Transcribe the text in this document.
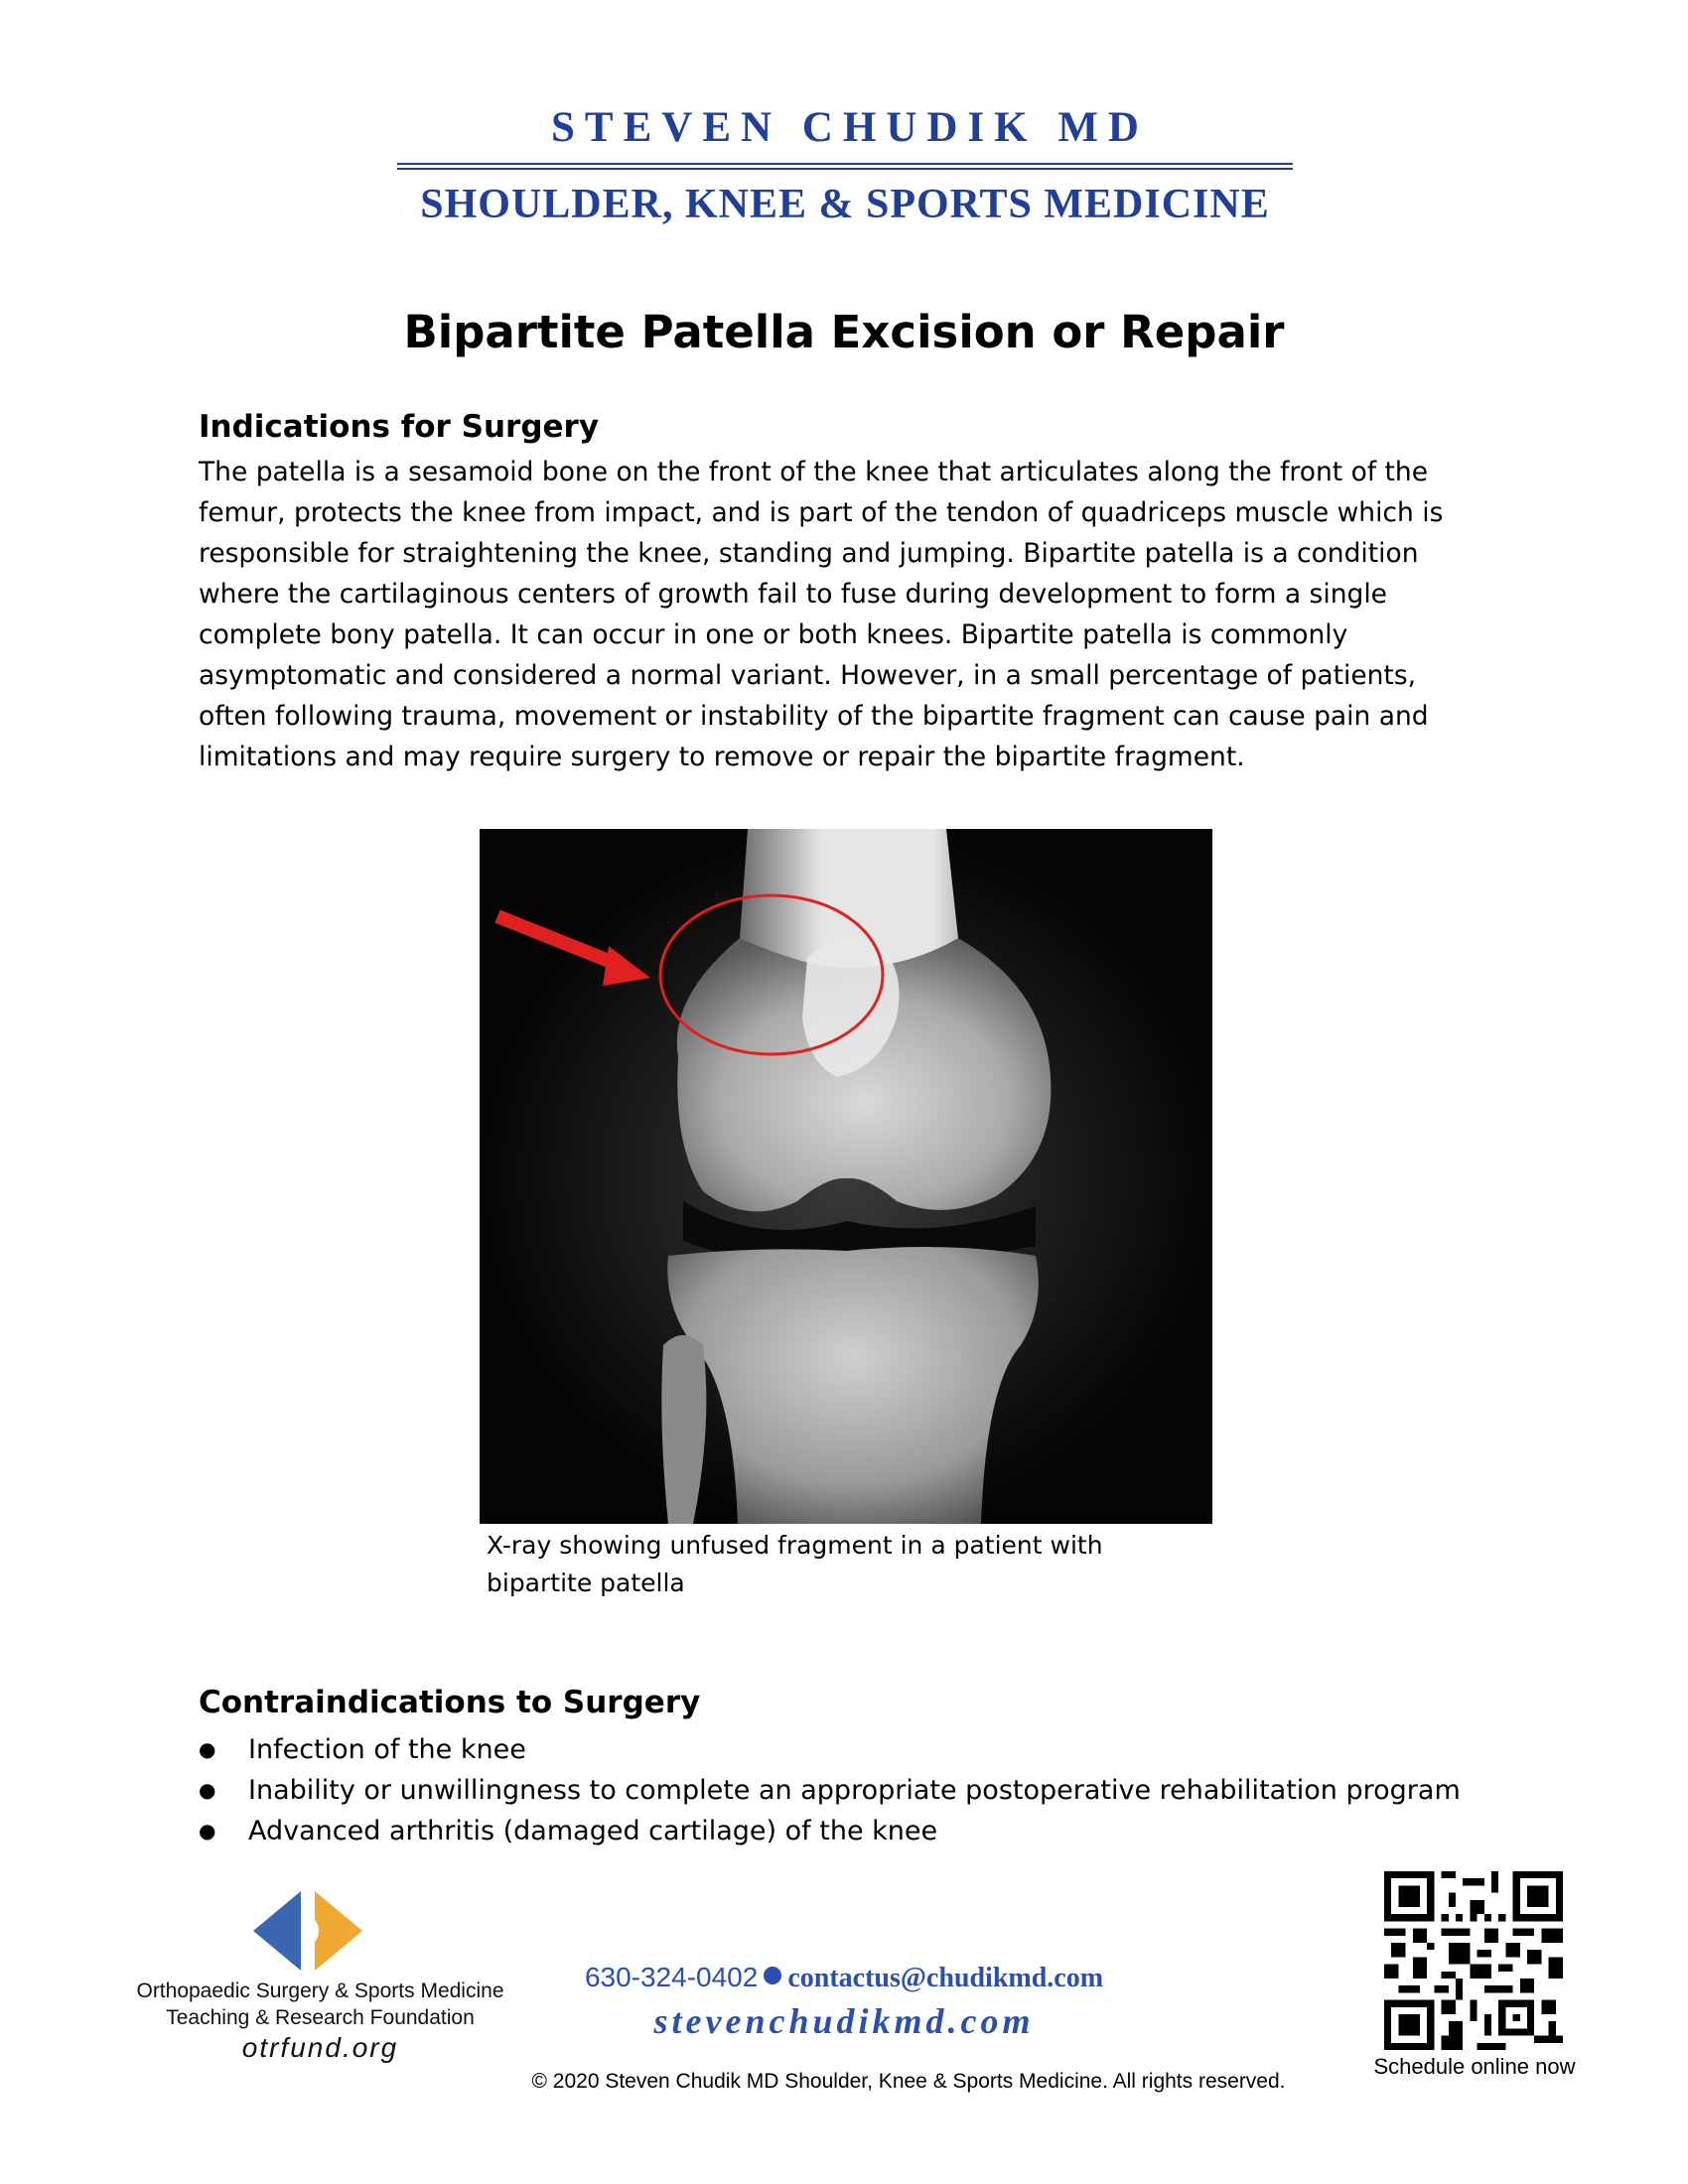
STEVEN CHUDIK MD
SHOULDER, KNEE & SPORTS MEDICINE
Bipartite Patella Excision or Repair
Indications for Surgery
The patella is a sesamoid bone on the front of the knee that articulates along the front of the
femur, protects the knee from impact, and is part of the tendon of quadriceps muscle which is
responsible for straightening the knee, standing and jumping. Bipartite patella is a condition
where the cartilaginous centers of growth fail to fuse during development to form a single
complete bony patella. It can occur in one or both knees. Bipartite patella is commonly
asymptomatic and considered a normal variant. However, in a small percentage of patients,
often following trauma, movement or instability of the bipartite fragment can cause pain and
limitations and may require surgery to remove or repair the bipartite fragment.
X-ray showing unfused fragment in a patient with
bipartite patella
Contraindications to Surgery
● Infection of the knee
● Inability or unwillingness to complete an appropriate postoperative rehabilitation program
● Advanced arthritis (damaged cartilage) of the knee
Orthopaedic Surgery & Sports Medicine
Teaching & Research Foundation
otrfund.org
630-324-0402 contactus@chudikmd.com
stevenchudikmd.com
Schedule online now
© 2020 Steven Chudik MD Shoulder, Knee & Sports Medicine. All rights reserved.
